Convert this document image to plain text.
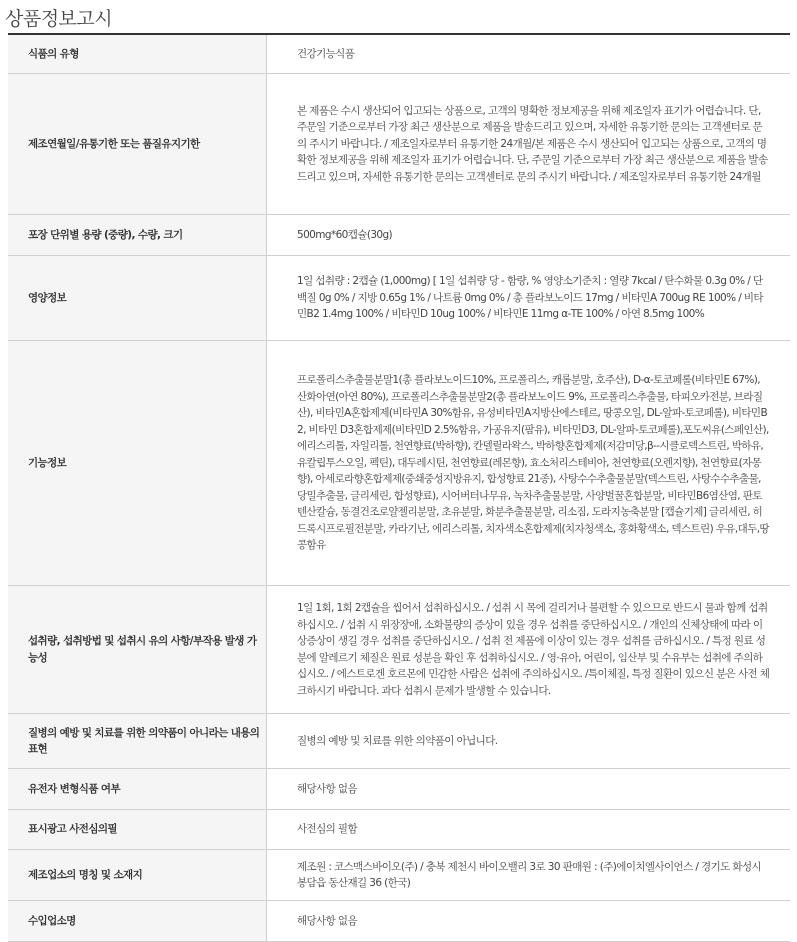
상품정보고시
식품의 유형	건강기능식품
제조연월일/유통기한 또는 품질유지기한	본 제품은 수시 생산되어 입고되는 상품으로, 고객의 명확한 정보제공을 위해 제조일자 표기가 어렵습니다. 단, 주문일 기준으로부터 가장 최근 생산분으로 제품을 발송드리고 있으며, 자세한 유통기한 문의는 고객센터로 문의 주시기 바랍니다. / 제조일자로부터 유통기한 24개월/본 제품은 수시 생산되어 입고되는 상품으로, 고객의 명확한 정보제공을 위해 제조일자 표기가 어렵습니다. 단, 주문일 기준으로부터 가장 최근 생산분으로 제품을 발송드리고 있으며, 자세한 유통기한 문의는 고객센터로 문의 주시기 바랍니다. / 제조일자로부터 유통기한 24개월
포장 단위별 용량 (중량), 수량, 크기	500mg*60캡슐(30g)
영양정보	1일 섭취량 : 2캡슐 (1,000mg) [ 1일 섭취량 당 - 함량, % 영양소기준치 : 열량 7kcal / 탄수화물 0.3g 0% / 단백질 0g 0% / 지방 0.65g 1% / 나트륨 0mg 0% / 총 플라보노이드 17mg / 비타민A 700ug RE 100% / 비타민B2 1.4mg 100% / 비타민D 10ug 100% / 비타민E 11mg α-TE 100% / 아연 8.5mg 100%
기능정보	프로폴리스추출물분말1(총 플라보노이드10%, 프로폴리스, 캐롭분말, 호주산), D-α-토코페롤(비타민E 67%), 산화아연(아연 80%), 프로폴리스추출물분말2(총 플라보노이드 9%, 프로폴리스추출물, 타피오카전분, 브라질산), 비타민A혼합제제(비타민A 30%함유, 유성비타민A지방산에스테르, 땅콩오일, DL-알파-토코페롤), 비타민B2, 비타민 D3혼합제제(비타민D 2.5%함유, 가공유지(팜유), 비타민D3, DL-알파-토코페롤),포도씨유(스페인산), 에리스리톨, 자일리톨, 천연향료(박하향), 칸델릴라왁스, 박하향혼합제제(저감미당,β--시클로덱스트린, 박하유, 유칼립투스오일, 펙틴), 대두레시틴, 천연향료(레몬향), 효소처리스테비아, 천연향료(오렌지향), 천연향료(자몽향), 아세로라향혼합제제(중쇄중성지방유지, 합성향료 21종), 사탕수수추출물분말(덱스트린, 사탕수수추출물, 당밀추출물, 글리세린, 합성향료), 시어버터나무유, 녹차추출물분말, 사양벌꿀혼합분말, 비타민B6염산염, 판토텐산칼슘, 동결건조로얄젤리분말, 초유분말, 화분추출물분말, 리소짐, 도라지농축분말 [캡슐기제] 글리세린, 히드록시프로필전분말, 카라기난, 에리스리톨, 치자색소혼합제제(치자청색소, 홍화황색소, 덱스트린) 우유,대두,땅콩함유
섭취량, 섭취방법 및 섭취시 유의 사항/부작용 발생 가능성	1일 1회, 1회 2캡슐을 씹어서 섭취하십시오. / 섭취 시 목에 걸리거나 불편할 수 있으므로 반드시 물과 함께 섭취하십시오. / 섭취 시 위장장애, 소화불량의 증상이 있을 경우 섭취를 중단하십시오. / 개인의 신체상태에 따라 이상증상이 생길 경우 섭취를 중단하십시오. / 섭취 전 제품에 이상이 있는 경우 섭취를 금하십시오. / 특정 원료 성분에 알레르기 체질은 원료 성분을 확인 후 섭취하십시오. / 영·유아, 어린이, 임산부 및 수유부는 섭취에 주의하십시오. / 에스트로겐 호르몬에 민감한 사람은 섭취에 주의하십시오. /특이체질, 특정 질환이 있으신 분은 사전 체크하시기 바랍니다. 과다 섭취시 문제가 발생할 수 있습니다.
질병의 예방 및 치료를 위한 의약품이 아니라는 내용의 표현	질병의 예방 및 치료를 위한 의약품이 아닙니다.
유전자 변형식품 여부	해당사항 없음
표시광고 사전심의필	사전심의 필함
제조업소의 명칭 및 소재지	제조원 : 코스맥스바이오(주) / 충북 제천시 바이오밸리 3로 30 판매원 : (주)에이치엘사이언스 / 경기도 화성시 봉담읍 동산재길 36 (한국)
수입업소명	해당사항 없음
